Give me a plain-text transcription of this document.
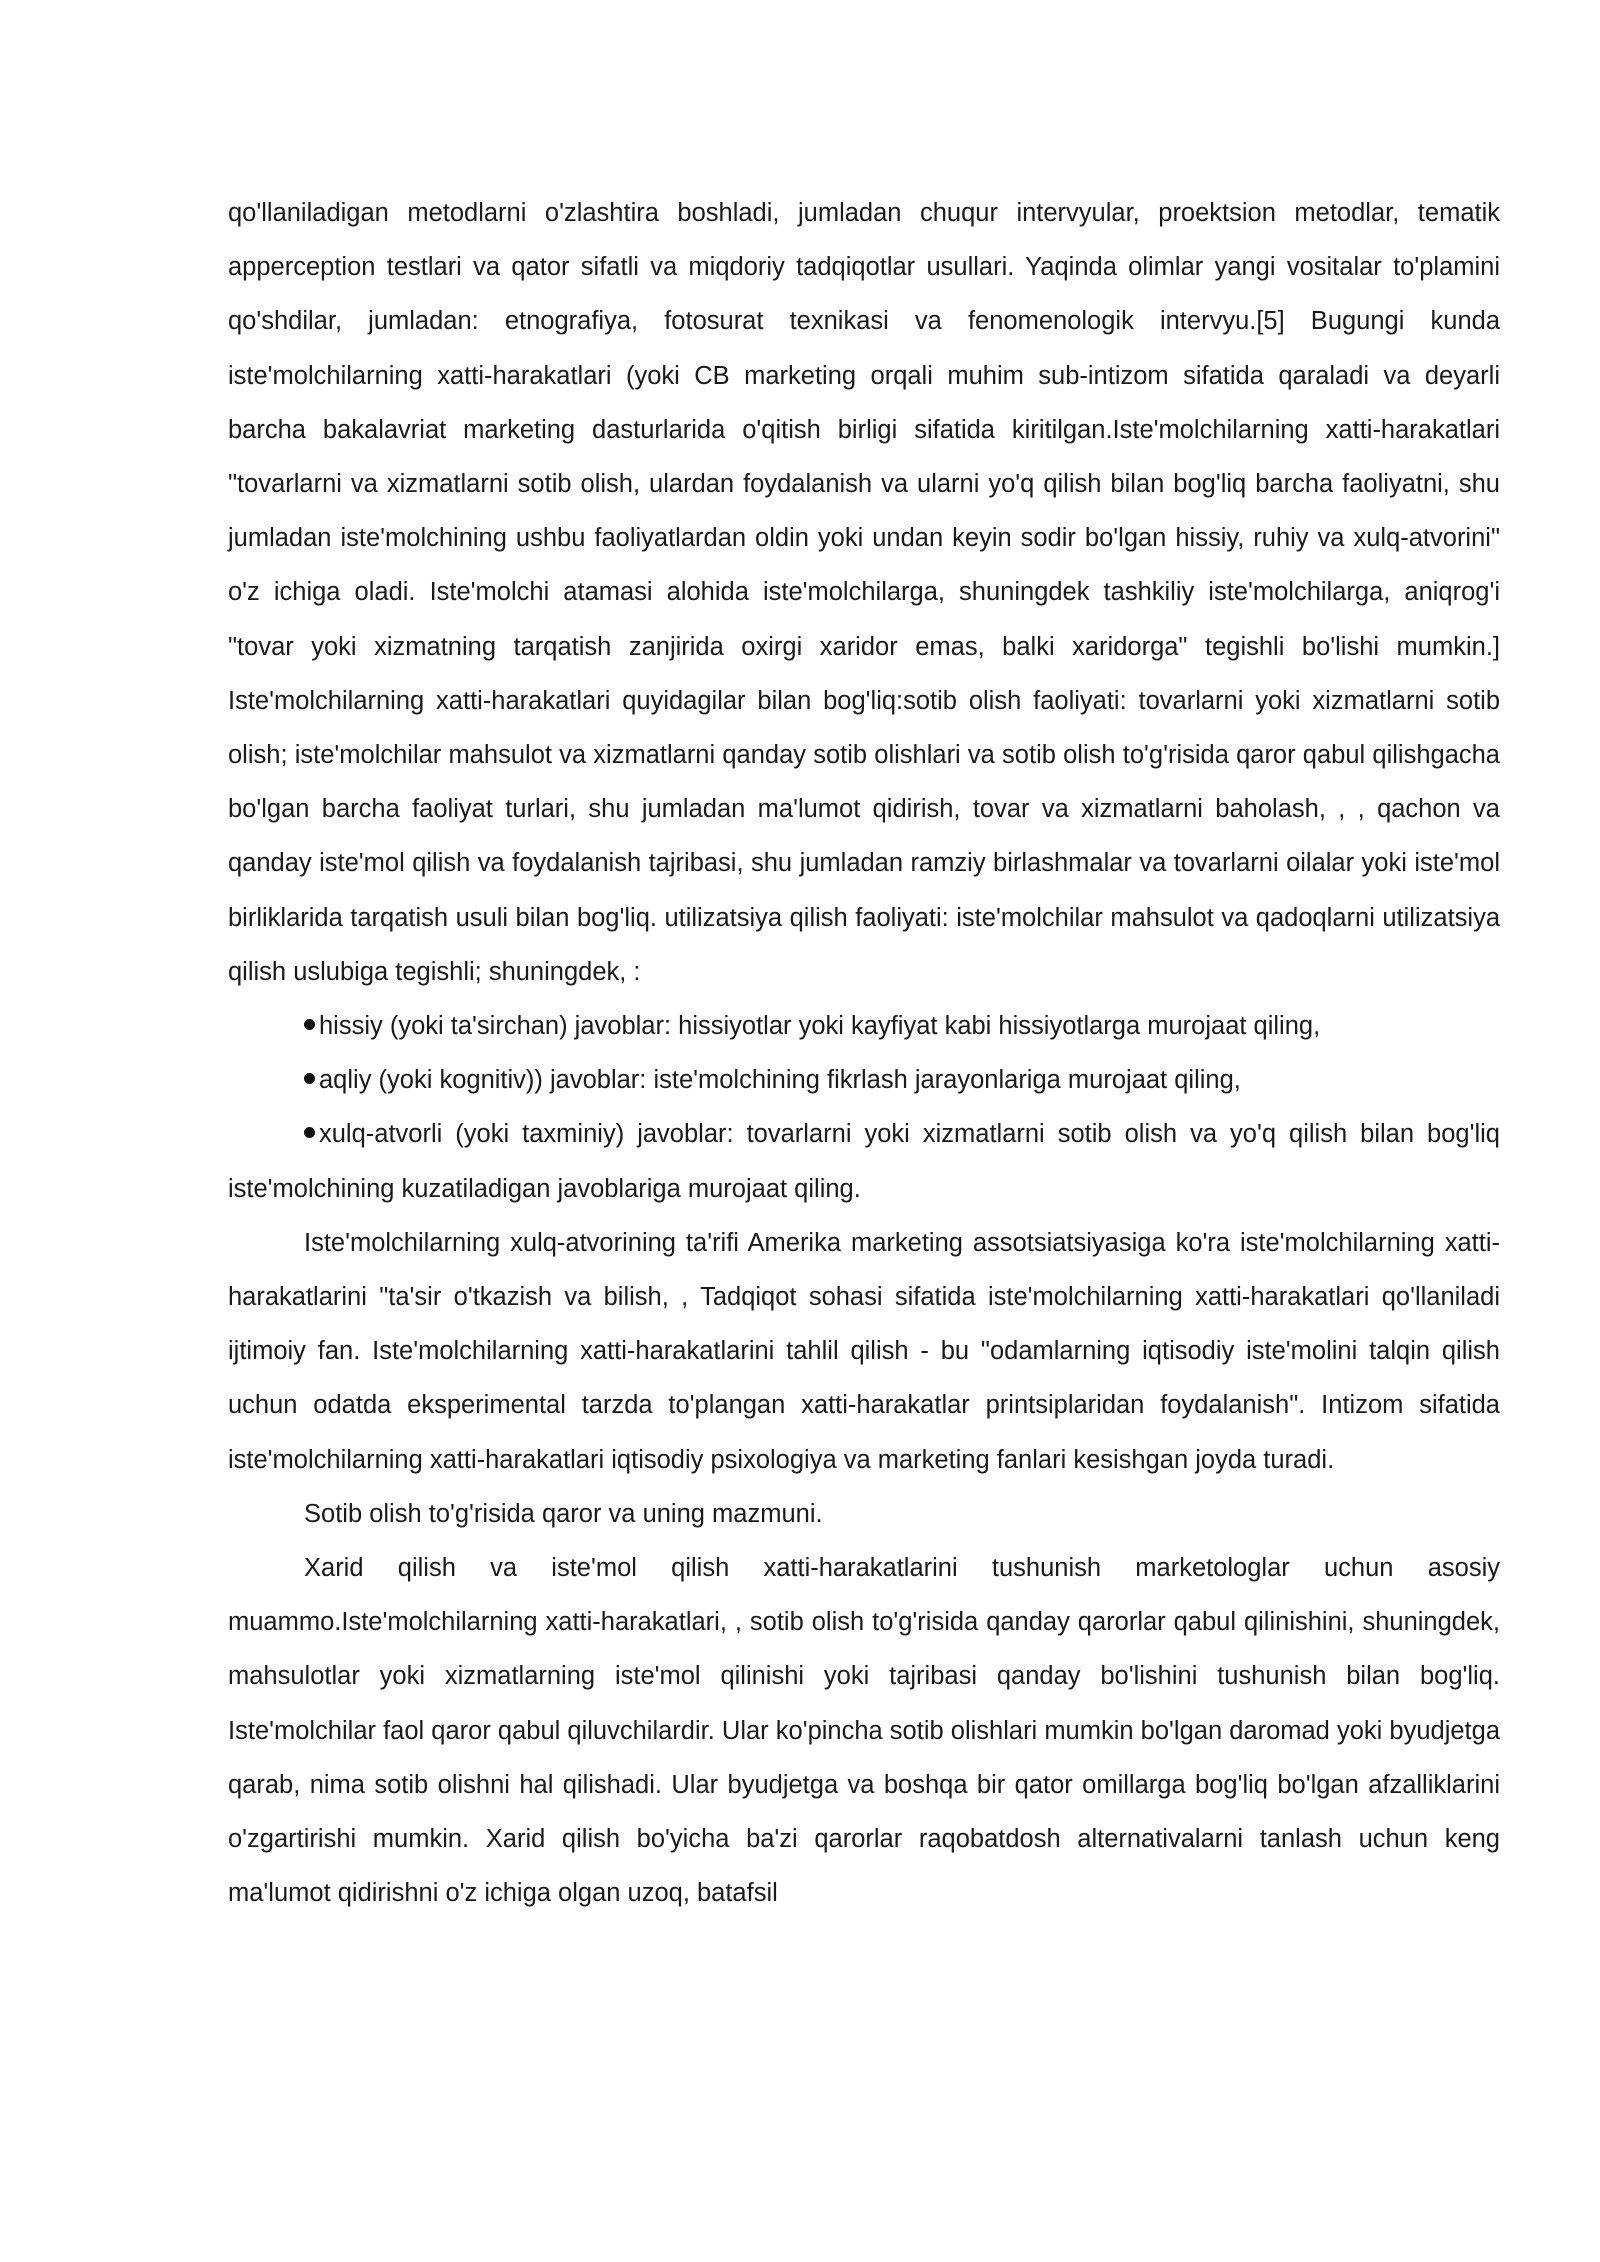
qo'llaniladigan metodlarni o'zlashtira boshladi, jumladan chuqur intervyular, proektsion metodlar, tematik apperception testlari va qator sifatli va miqdoriy tadqiqotlar usullari. Yaqinda olimlar yangi vositalar to'plamini qo'shdilar, jumladan: etnografiya, fotosurat texnikasi va fenomenologik intervyu.[5] Bugungi kunda iste'molchilarning xatti-harakatlari (yoki CB marketing orqali muhim sub-intizom sifatida qaraladi va deyarli barcha bakalavriat marketing dasturlarida o'qitish birligi sifatida kiritilgan.Iste'molchilarning xatti-harakatlari "tovarlarni va xizmatlarni sotib olish, ulardan foydalanish va ularni yo'q qilish bilan bog'liq barcha faoliyatni, shu jumladan iste'molchining ushbu faoliyatlardan oldin yoki undan keyin sodir bo'lgan hissiy, ruhiy va xulq-atvorini" o'z ichiga oladi. Iste'molchi atamasi alohida iste'molchilarga, shuningdek tashkiliy iste'molchilarga, aniqrog'i "tovar yoki xizmatning tarqatish zanjirida oxirgi xaridor emas, balki xaridorga" tegishli bo'lishi mumkin.] Iste'molchilarning xatti-harakatlari quyidagilar bilan bog'liq:sotib olish faoliyati: tovarlarni yoki xizmatlarni sotib olish; iste'molchilar mahsulot va xizmatlarni qanday sotib olishlari va sotib olish to'g'risida qaror qabul qilishgacha bo'lgan barcha faoliyat turlari, shu jumladan ma'lumot qidirish, tovar va xizmatlarni baholash, , , qachon va qanday iste'mol qilish va foydalanish tajribasi, shu jumladan ramziy birlashmalar va tovarlarni oilalar yoki iste'mol birliklarida tarqatish usuli bilan bog'liq. utilizatsiya qilish faoliyati: iste'molchilar mahsulot va qadoqlarni utilizatsiya qilish uslubiga tegishli; shuningdek, :

hissiy (yoki ta'sirchan) javoblar: hissiyotlar yoki kayfiyat kabi hissiyotlarga murojaat qiling,

aqliy (yoki kognitiv)) javoblar: iste'molchining fikrlash jarayonlariga murojaat qiling,

xulq-atvorli (yoki taxminiy) javoblar: tovarlarni yoki xizmatlarni sotib olish va yo'q qilish bilan bog'liq iste'molchining kuzatiladigan javoblariga murojaat qiling.

Iste'molchilarning xulq-atvorining ta'rifi Amerika marketing assotsiatsiyasiga ko'ra iste'molchilarning xatti-harakatlarini "ta'sir o'tkazish va bilish, , Tadqiqot sohasi sifatida iste'molchilarning xatti-harakatlari qo'llaniladi ijtimoiy fan. Iste'molchilarning xatti-harakatlarini tahlil qilish - bu "odamlarning iqtisodiy iste'molini talqin qilish uchun odatda eksperimental tarzda to'plangan xatti-harakatlar printsiplaridan foydalanish". Intizom sifatida iste'molchilarning xatti-harakatlari iqtisodiy psixologiya va marketing fanlari kesishgan joyda turadi.

Sotib olish to'g'risida qaror va uning mazmuni.

Xarid qilish va iste'mol qilish xatti-harakatlarini tushunish marketologlar uchun asosiy muammo.Iste'molchilarning xatti-harakatlari, , sotib olish to'g'risida qanday qarorlar qabul qilinishini, shuningdek, mahsulotlar yoki xizmatlarning iste'mol qilinishi yoki tajribasi qanday bo'lishini tushunish bilan bog'liq. Iste'molchilar faol qaror qabul qiluvchilardir. Ular ko'pincha sotib olishlari mumkin bo'lgan daromad yoki byudjetga qarab, nima sotib olishni hal qilishadi. Ular byudjetga va boshqa bir qator omillarga bog'liq bo'lgan afzalliklarini o'zgartirishi mumkin. Xarid qilish bo'yicha ba'zi qarorlar raqobatdosh alternativalarni tanlash uchun keng ma'lumot qidirishni o'z ichiga olgan uzoq, batafsil
